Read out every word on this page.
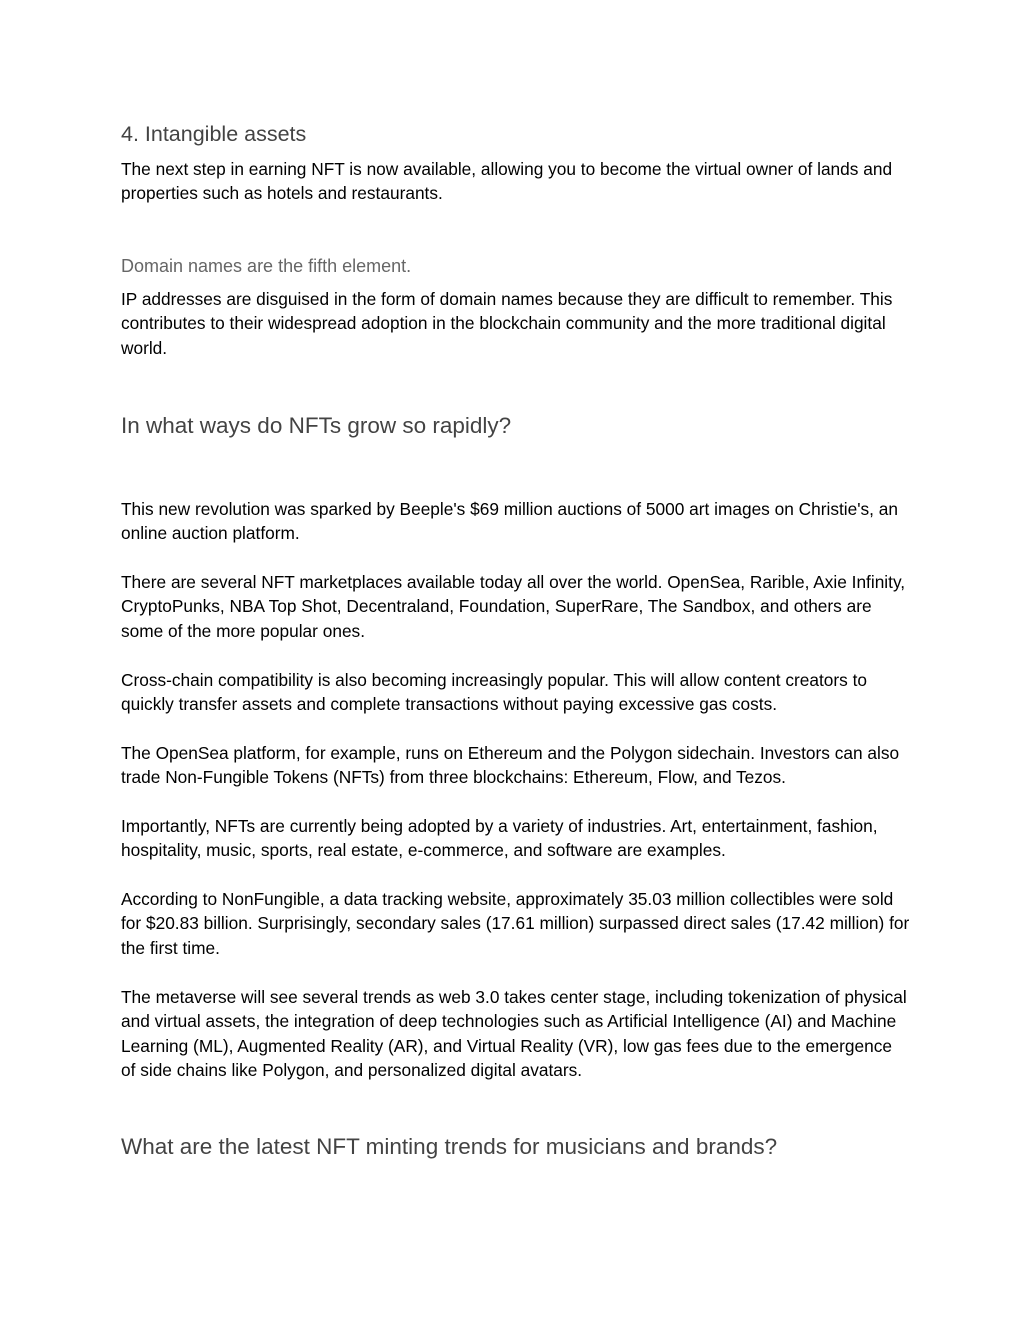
4. Intangible assets

The next step in earning NFT is now available, allowing you to become the virtual owner of lands and properties such as hotels and restaurants.

Domain names are the fifth element.

IP addresses are disguised in the form of domain names because they are difficult to remember. This contributes to their widespread adoption in the blockchain community and the more traditional digital world.

In what ways do NFTs grow so rapidly?

This new revolution was sparked by Beeple's $69 million auctions of 5000 art images on Christie's, an online auction platform.

There are several NFT marketplaces available today all over the world. OpenSea, Rarible, Axie Infinity, CryptoPunks, NBA Top Shot, Decentraland, Foundation, SuperRare, The Sandbox, and others are some of the more popular ones.

Cross-chain compatibility is also becoming increasingly popular. This will allow content creators to quickly transfer assets and complete transactions without paying excessive gas costs.

The OpenSea platform, for example, runs on Ethereum and the Polygon sidechain. Investors can also trade Non-Fungible Tokens (NFTs) from three blockchains: Ethereum, Flow, and Tezos.

Importantly, NFTs are currently being adopted by a variety of industries. Art, entertainment, fashion, hospitality, music, sports, real estate, e-commerce, and software are examples.

According to NonFungible, a data tracking website, approximately 35.03 million collectibles were sold for $20.83 billion. Surprisingly, secondary sales (17.61 million) surpassed direct sales (17.42 million) for the first time.

The metaverse will see several trends as web 3.0 takes center stage, including tokenization of physical and virtual assets, the integration of deep technologies such as Artificial Intelligence (AI) and Machine Learning (ML), Augmented Reality (AR), and Virtual Reality (VR), low gas fees due to the emergence of side chains like Polygon, and personalized digital avatars.

What are the latest NFT minting trends for musicians and brands?
